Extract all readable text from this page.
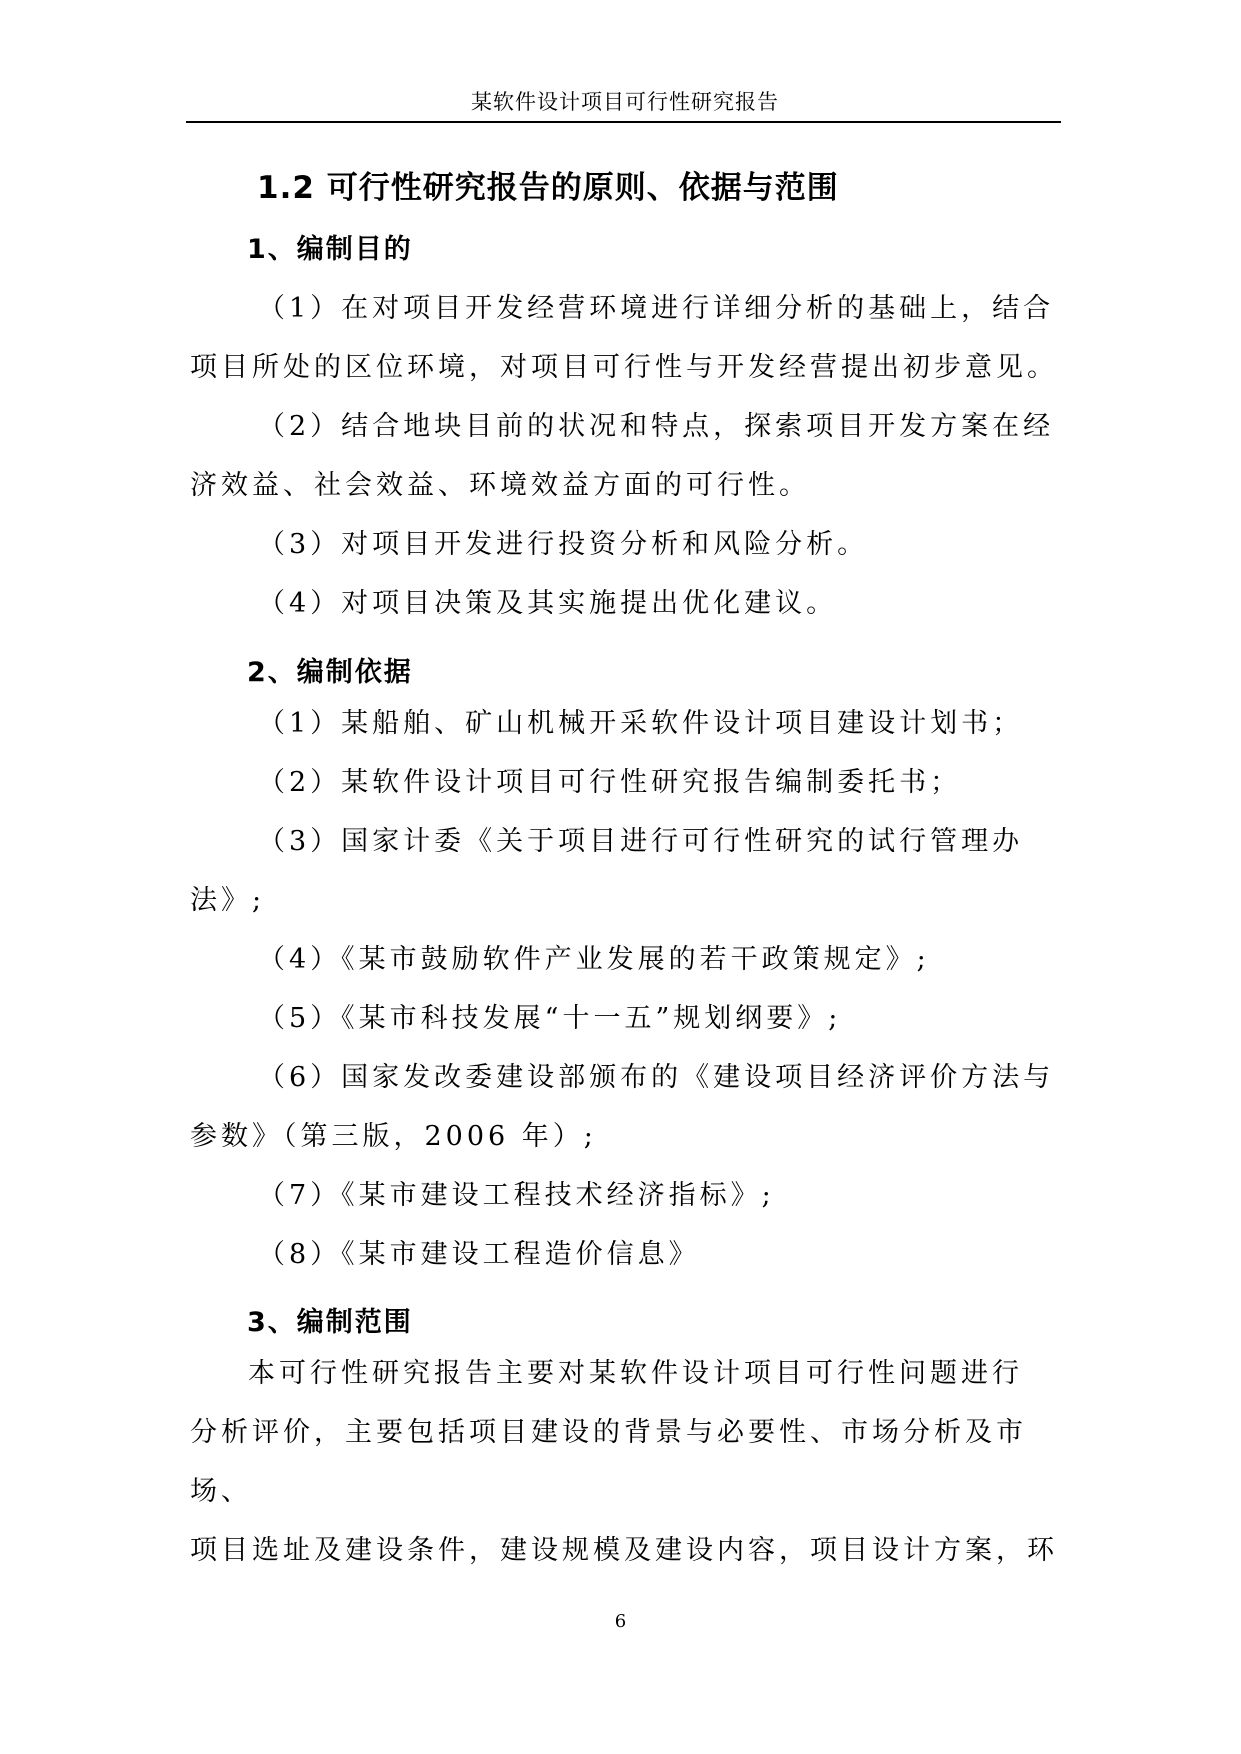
某软件设计项目可行性研究报告
1.2 可行性研究报告的原则、依据与范围
1、编制目的

（1）在对项目开发经营环境进行详细分析的基础上，结合
项目所处的区位环境，对项目可行性与开发经营提出初步意见。

（2）结合地块目前的状况和特点，探索项目开发方案在经
济效益、社会效益、环境效益方面的可行性。

（3）对项目开发进行投资分析和风险分析。

（4）对项目决策及其实施提出优化建议。

2、编制依据

（1）某船舶、矿山机械开采软件设计项目建设计划书；

（2）某软件设计项目可行性研究报告编制委托书；

（3）国家计委《关于项目进行可行性研究的试行管理办
法》;

（4）《某市鼓励软件产业发展的若干政策规定》;

（5）《某市科技发展“十一五”规划纲要》;

（6）国家发改委建设部颁布的《建设项目经济评价方法与
参数》（第三版，2006 年）;

（7）《某市建设工程技术经济指标》;

（8）《某市建设工程造价信息》

3、编制范围

本可行性研究报告主要对某软件设计项目可行性问题进行

分析评价，主要包括项目建设的背景与必要性、市场分析及市场、

项目选址及建设条件，建设规模及建设内容，项目设计方案，环

6
